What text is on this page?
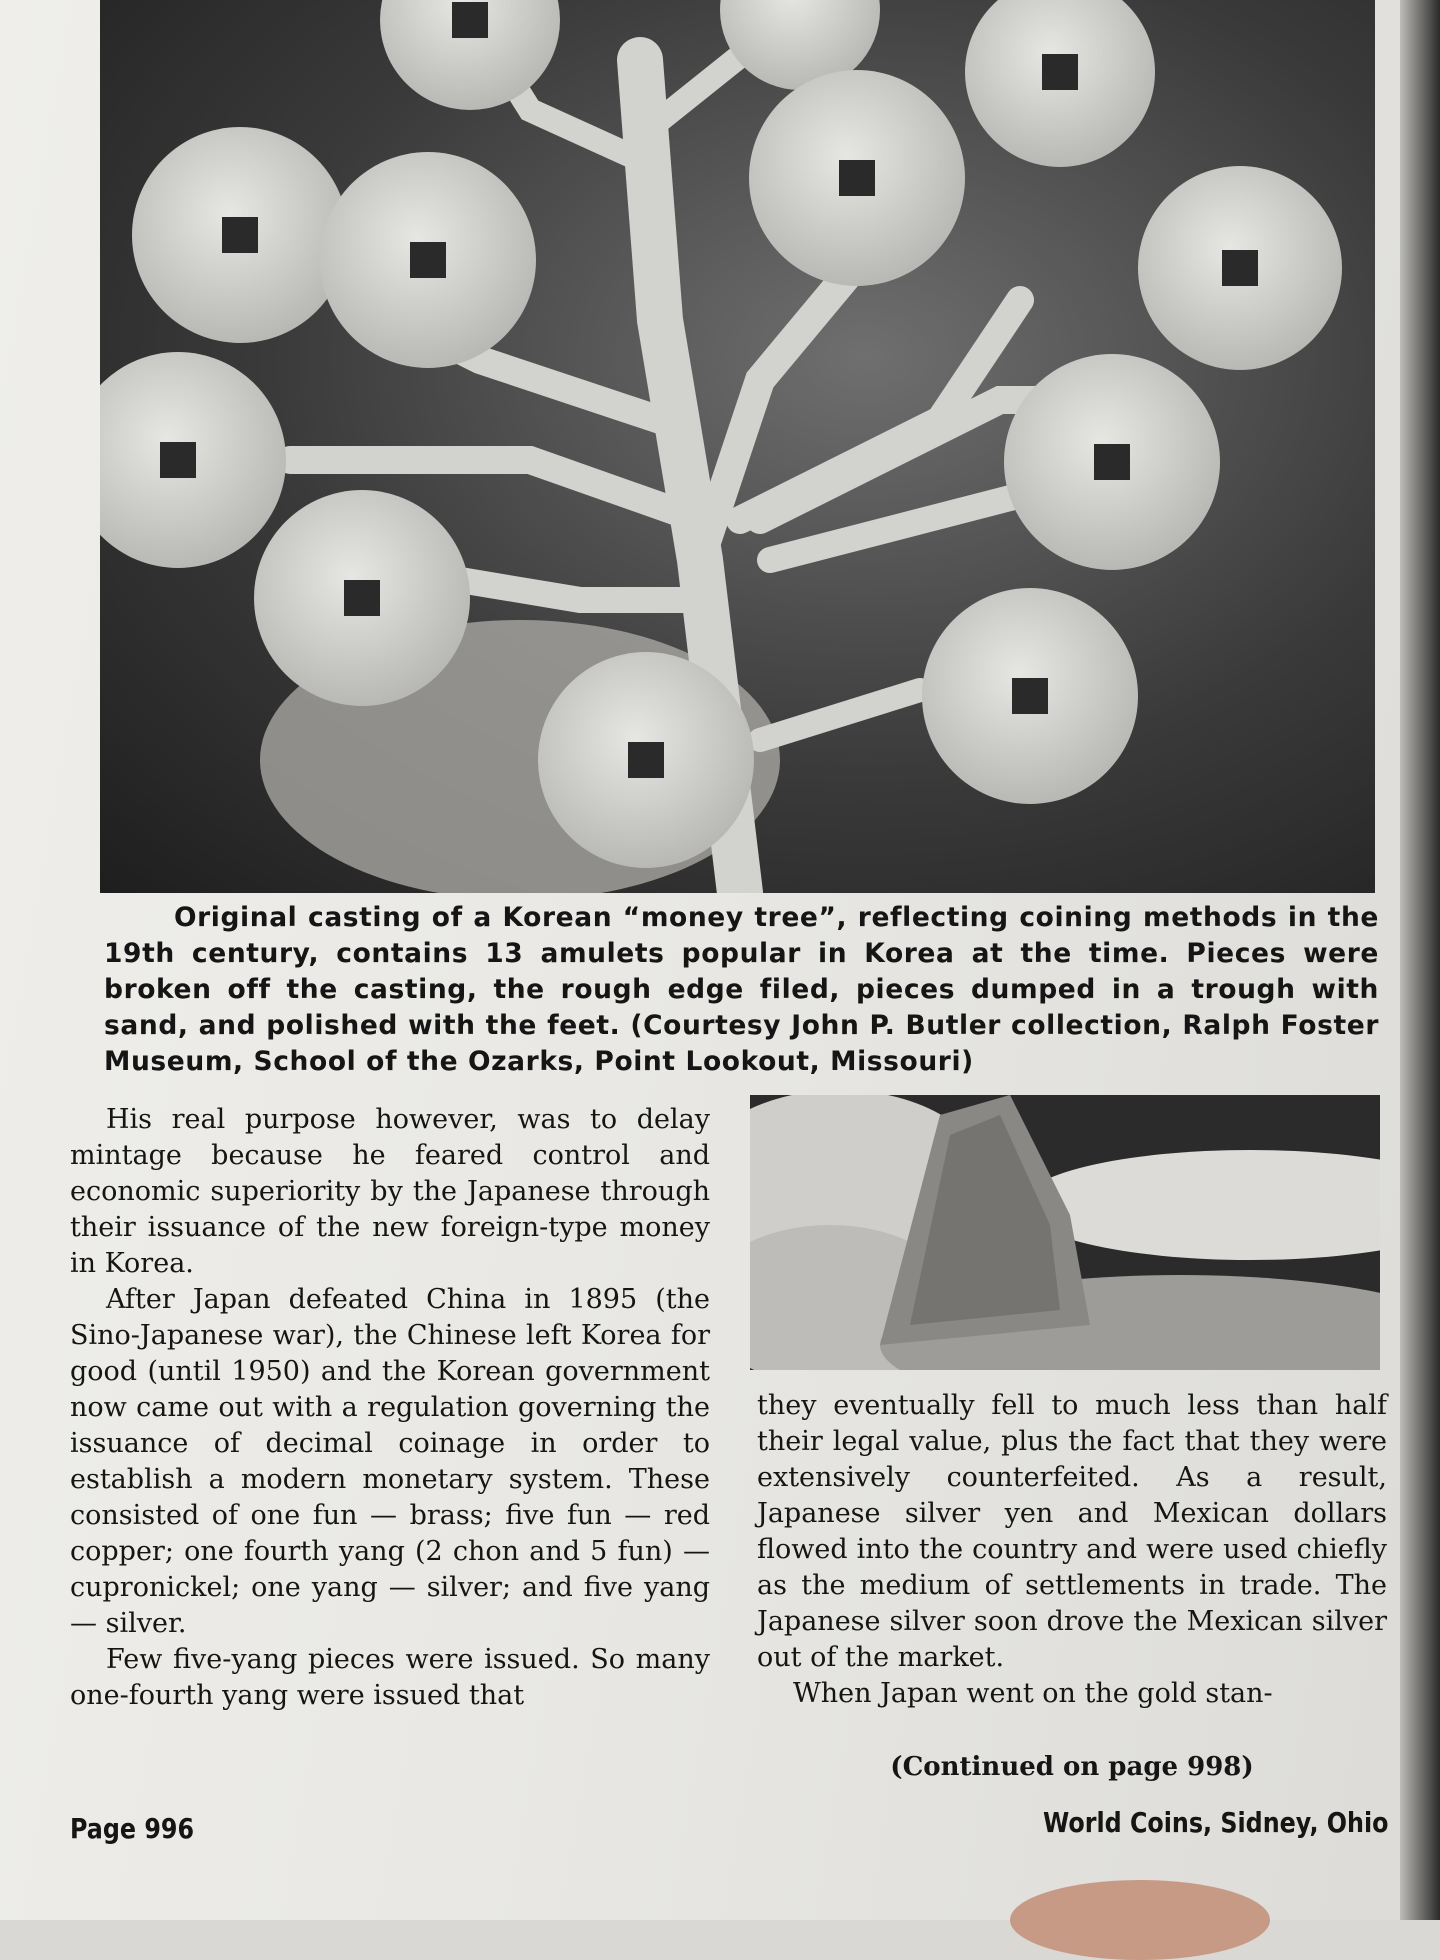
Original casting of a Korean “money tree”, reflecting coining methods in the 19th century, contains 13 amulets popular in Korea at the time. Pieces were broken off the casting, the rough edge filed, pieces dumped in a trough with sand, and polished with the feet. (Courtesy John P. Butler collection, Ralph Foster Museum, School of the Ozarks, Point Lookout, Missouri)

His real purpose however, was to delay mintage because he feared control and economic superiority by the Japanese through their issuance of the new foreign-type money in Korea.

After Japan defeated China in 1895 (the Sino-Japanese war), the Chinese left Korea for good (until 1950) and the Korean government now came out with a regulation governing the issuance of decimal coinage in order to establish a modern monetary system. These consisted of one fun — brass; five fun — red copper; one fourth yang (2 chon and 5 fun) — cupronickel; one yang — silver; and five yang — silver.

Few five-yang pieces were issued. So many one-fourth yang were issued that

they eventually fell to much less than half their legal value, plus the fact that they were extensively counterfeited. As a result, Japanese silver yen and Mexican dollars flowed into the country and were used chiefly as the medium of settlements in trade. The Japanese silver soon drove the Mexican silver out of the market.

When Japan went on the gold stan-

(Continued on page 998)
Page 996	World Coins, Sidney, Ohio
